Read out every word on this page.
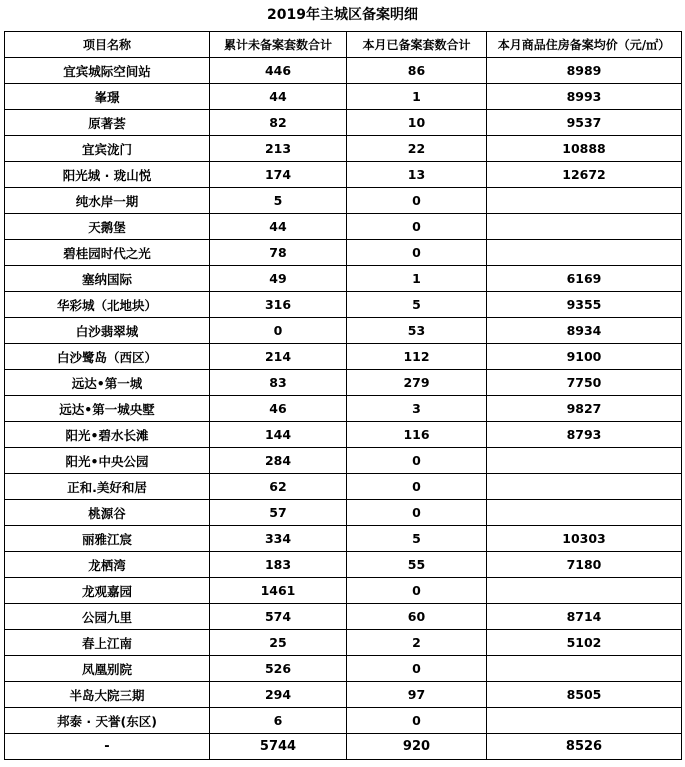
2019年主城区备案明细
项目名称	累计未备案套数合计	本月已备案套数合计	本月商品住房备案均价（元/㎡）
宜宾城际空间站	446	86	8989
峯璟	44	1	8993
原著荟	82	10	9537
宜宾泷门	213	22	10888
阳光城 · 珑山悦	174	13	12672
纯水岸一期	5	0	
天鹅堡	44	0	
碧桂园时代之光	78	0	
塞纳国际	49	1	6169
华彩城（北地块）	316	5	9355
白沙翡翠城	0	53	8934
白沙鹭岛（西区）	214	112	9100
远达•第一城	83	279	7750
远达•第一城央墅	46	3	9827
阳光•碧水长滩	144	116	8793
阳光•中央公园	284	0	
正和.美好和居	62	0	
桃源谷	57	0	
丽雅江宸	334	5	10303
龙栖湾	183	55	7180
龙观嘉园	1461	0	
公园九里	574	60	8714
春上江南	25	2	5102
凤凰别院	526	0	
半岛大院三期	294	97	8505
邦泰 · 天誉(东区)	6	0	
-	5744	920	8526
